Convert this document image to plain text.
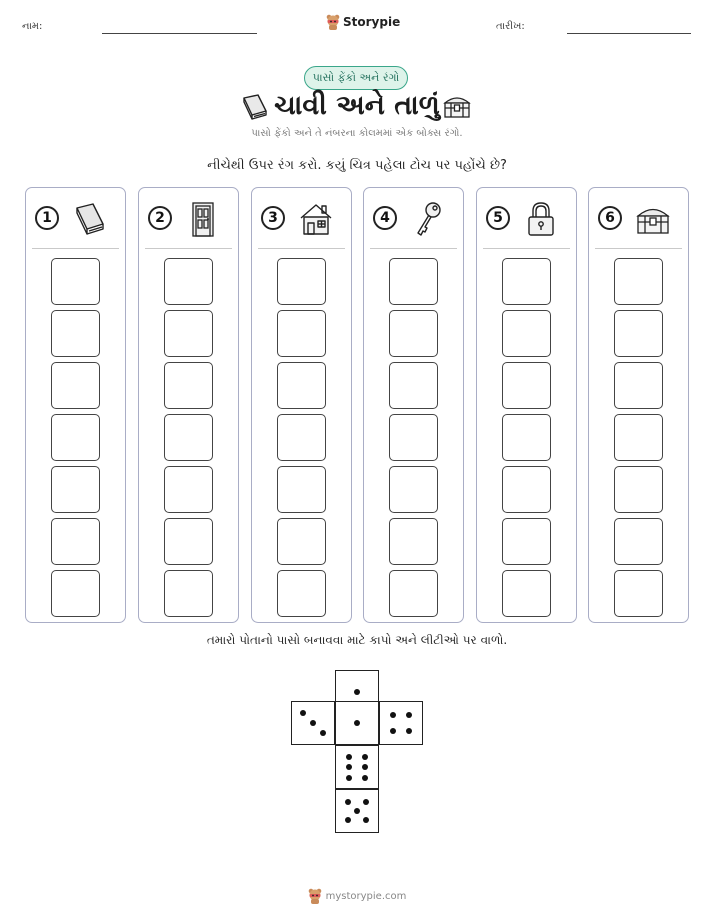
નામ:	Storypie	તારીખ:
પાસો ફેંકો અને રંગો
ચાવી અને તાળું
પાસો ફેંકો અને તે નંબરના કોલમમાં એક બોક્સ રંગો.
નીચેથી ઉપર રંગ કરો. કયું ચિત્ર પહેલા ટોચ પર પહોંચે છે?
1	2	3	4	5	6
તમારો પોતાનો પાસો બનાવવા માટે કાપો અને લીટીઓ પર વાળો.
mystorypie.com
